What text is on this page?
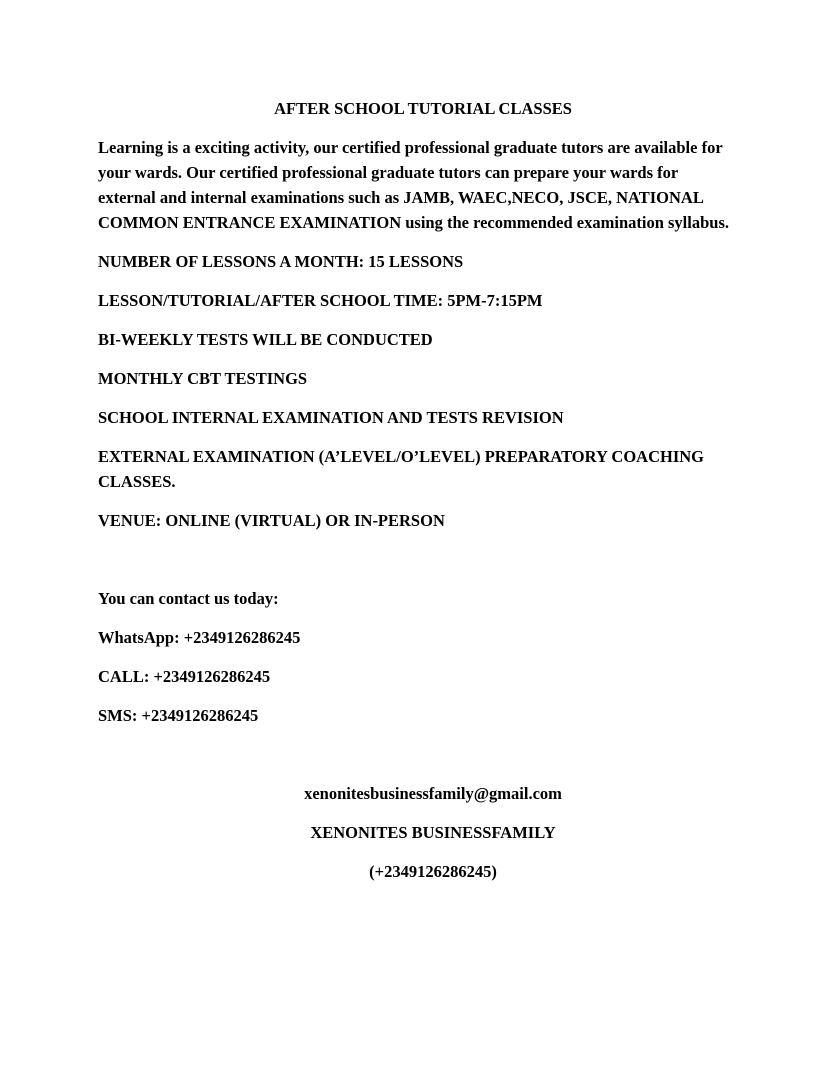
AFTER SCHOOL TUTORIAL CLASSES

Learning is a exciting activity, our certified professional graduate tutors are available for your wards. Our certified professional graduate tutors can prepare your wards for external and internal examinations such as JAMB, WAEC,NECO, JSCE, NATIONAL COMMON ENTRANCE EXAMINATION using the recommended examination syllabus.

NUMBER OF LESSONS A MONTH: 15 LESSONS

LESSON/TUTORIAL/AFTER SCHOOL TIME: 5PM-7:15PM

BI-WEEKLY TESTS WILL BE CONDUCTED

MONTHLY CBT TESTINGS

SCHOOL INTERNAL EXAMINATION AND TESTS REVISION

EXTERNAL EXAMINATION (A’LEVEL/O’LEVEL) PREPARATORY COACHING CLASSES.

VENUE: ONLINE (VIRTUAL) OR IN-PERSON

You can contact us today:

WhatsApp: +2349126286245

CALL: +2349126286245

SMS: +2349126286245

xenonitesbusinessfamily@gmail.com

XENONITES BUSINESSFAMILY

(+2349126286245)
